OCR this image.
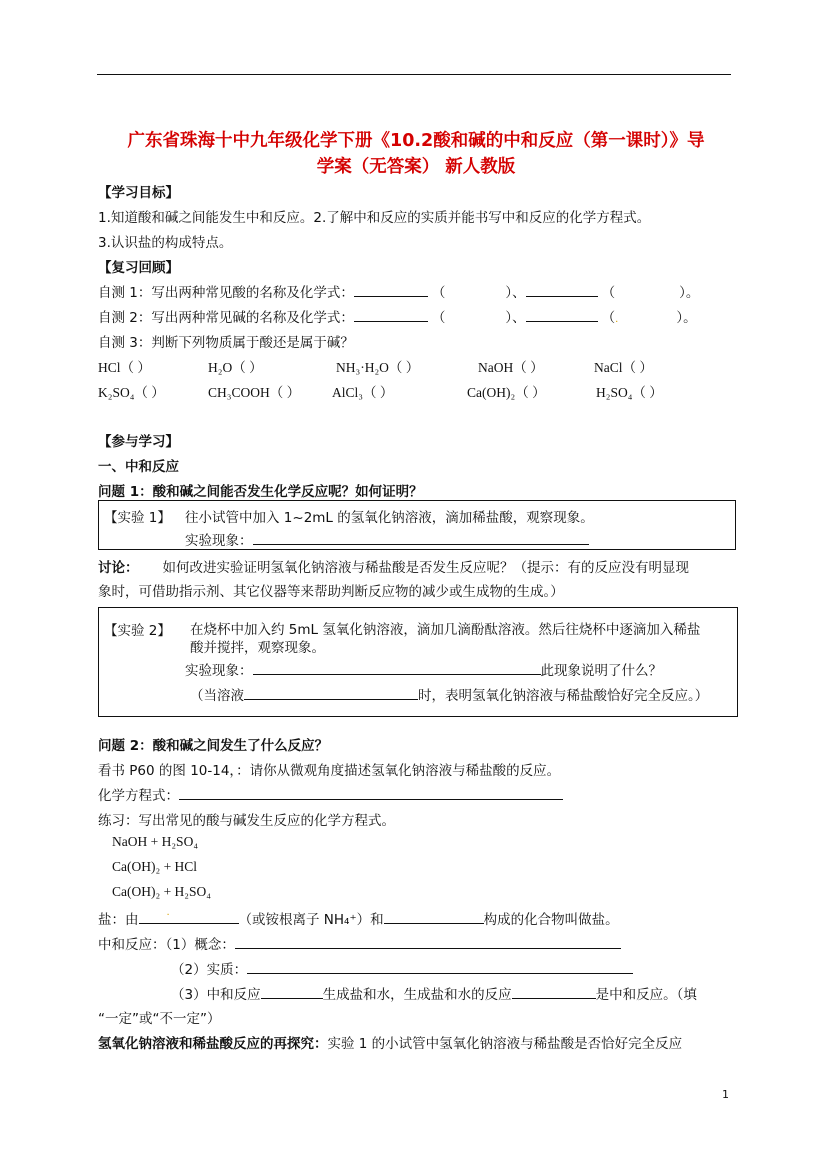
广东省珠海十中九年级化学下册《10.2酸和碱的中和反应（第一课时）》导
学案（无答案） 新人教版
【学习目标】
1.知道酸和碱之间能发生中和反应。2.了解中和反应的实质并能书写中和反应的化学方程式。
3.认识盐的构成特点。
【复习回顾】
自测 1：写出两种常见酸的名称及化学式：	（	）、	（	）。
自测 2：写出两种常见碱的名称及化学式：	（	）、	（.	）。
自测 3：判断下列物质属于酸还是属于碱？
HCl（ ）	H₂O（ ）	NH₃·H₂O（ ）	NaOH（ ）	NaCl（ ）
K₂SO₄（ ）	CH₃COOH（ ） AlCl₃（ ）	Ca(OH)₂（ ）	H₂SO₄（ ）
【参与学习】
一、中和反应
问题 1：酸和碱之间能否发生化学反应呢？如何证明？
【实验 1】 往小试管中加入 1~2mL 的氢氧化钠溶液，滴加稀盐酸，观察现象。
实验现象：
讨论： 如何改进实验证明氢氧化钠溶液与稀盐酸是否发生反应呢？（提示：有的反应没有明显现
象时，可借助指示剂、其它仪器等来帮助判断反应物的减少或生成物的生成。）
【实验 2】 在烧杯中加入约 5mL 氢氧化钠溶液，滴加几滴酚酞溶液。然后往烧杯中逐滴加入稀盐
酸并搅拌，观察现象。
实验现象：	此现象说明了什么？
（当溶液	时，表明氢氧化钠溶液与稀盐酸恰好完全反应。）
问题 2：酸和碱之间发生了什么反应？
看书 P60 的图 10-14，：请你从微观角度描述氢氧化钠溶液与稀盐酸的反应。
化学方程式：
练习：写出常见的酸与碱发生反应的化学方程式。
NaOH + H₂SO₄
Ca(OH)₂ + HCl
Ca(OH)₂ + H₂SO₄
盐：由	.	（或铵根离子 NH₄⁺）和	构成的化合物叫做盐。
中和反应：（1）概念：
（2）实质：
（3）中和反应	生成盐和水，生成盐和水的反应	是中和反应。（填
“一定”或“不一定”）
氢氧化钠溶液和稀盐酸反应的再探究：实验 1 的小试管中氢氧化钠溶液与稀盐酸是否恰好完全反应
1
